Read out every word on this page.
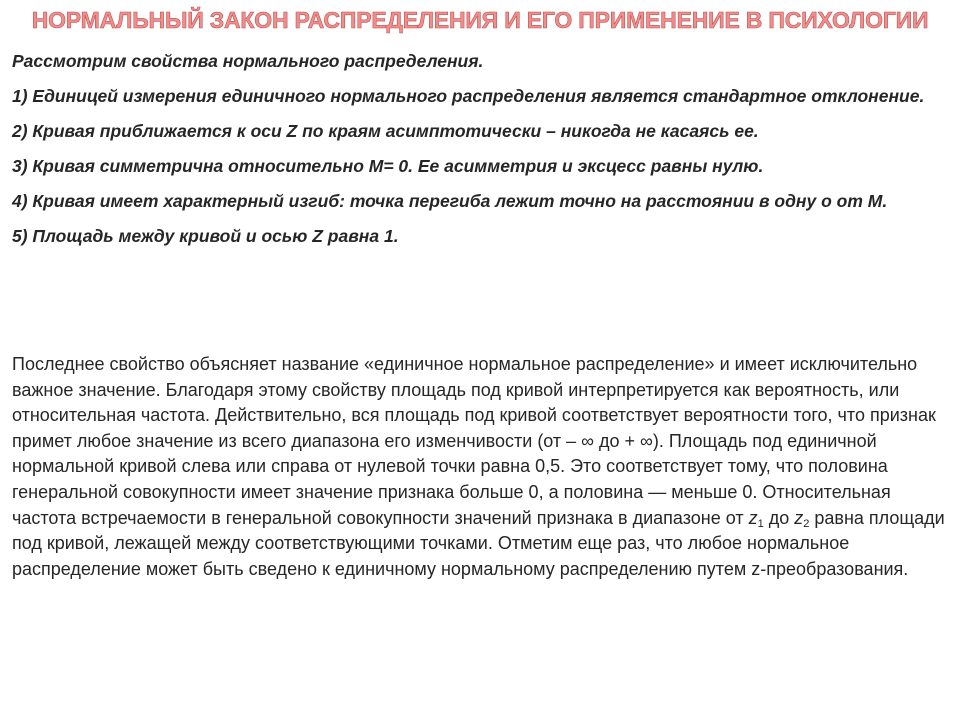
НОРМАЛЬНЫЙ ЗАКОН РАСПРЕДЕЛЕНИЯ И ЕГО ПРИМЕНЕНИЕ В ПСИХОЛОГИИ

Рассмотрим свойства нормального распределения.

1) Единицей измерения единичного нормального распределения является стандартное отклонение.

2) Кривая приближается к оси Z по краям асимптотически – никогда не касаясь ее.

3) Кривая симметрична относительно М= 0. Ее асимметрия и эксцесс равны нулю.

4) Кривая имеет характерный изгиб: точка перегиба лежит точно на расстоянии в одну о от М.

5) Площадь между кривой и осью Z равна 1.

Последнее свойство объясняет название «единичное нормальное распределение» и имеет исключительно важное значение. Благодаря этому свойству площадь под кривой интерпретируется как вероятность, или относительная частота. Действительно, вся площадь под кривой соответствует вероятности того, что признак примет любое значение из всего диапазона его изменчивости (от – ∞ до + ∞). Площадь под единичной нормальной кривой слева или справа от нулевой точки равна 0,5. Это соответствует тому, что половина генеральной совокупности имеет значение признака больше 0, а половина — меньше 0. Относительная частота встречаемости в генеральной совокупности значений признака в диапазоне от $z_1$ до $z_2$ равна площади под кривой, лежащей между соответствующими точками. Отметим еще раз, что любое нормальное распределение может быть сведено к единичному нормальному распределению путем z-преобразования.
